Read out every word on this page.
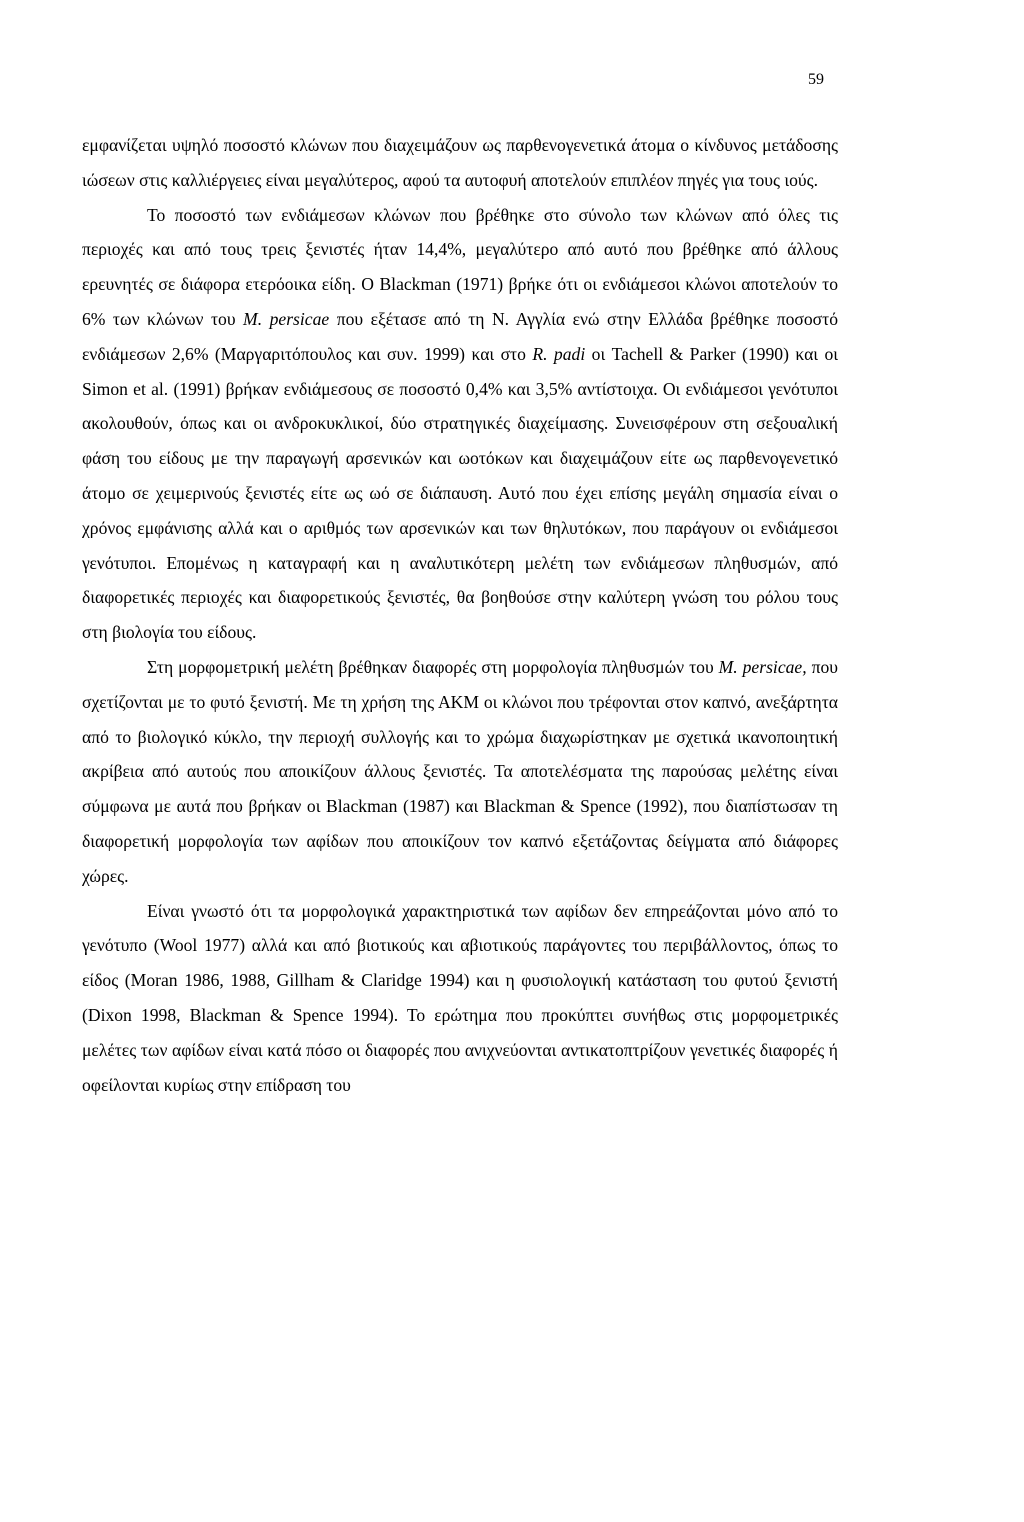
59

εμφανίζεται υψηλό ποσοστό κλώνων που διαχειμάζουν ως παρθενογενετικά άτομα ο κίνδυνος μετάδοσης ιώσεων στις καλλιέργειες είναι μεγαλύτερος, αφού τα αυτοφυή αποτελούν επιπλέον πηγές για τους ιούς.

Το ποσοστό των ενδιάμεσων κλώνων που βρέθηκε στο σύνολο των κλώνων από όλες τις περιοχές και από τους τρεις ξενιστές ήταν 14,4%, μεγαλύτερο από αυτό που βρέθηκε από άλλους ερευνητές σε διάφορα ετερόοικα είδη. Ο Blackman (1971) βρήκε ότι οι ενδιάμεσοι κλώνοι αποτελούν το 6% των κλώνων του M. persicae που εξέτασε από τη Ν. Αγγλία ενώ στην Ελλάδα βρέθηκε ποσοστό ενδιάμεσων 2,6% (Μαργαριτόπουλος και συν. 1999) και στο R. padi οι Tachell & Parker (1990) και οι Simon et al. (1991) βρήκαν ενδιάμεσους σε ποσοστό 0,4% και 3,5% αντίστοιχα. Οι ενδιάμεσοι γενότυποι ακολουθούν, όπως και οι ανδροκυκλικοί, δύο στρατηγικές διαχείμασης. Συνεισφέρουν στη σεξουαλική φάση του είδους με την παραγωγή αρσενικών και ωοτόκων και διαχειμάζουν είτε ως παρθενογενετικό άτομο σε χειμερινούς ξενιστές είτε ως ωό σε διάπαυση. Αυτό που έχει επίσης μεγάλη σημασία είναι ο χρόνος εμφάνισης αλλά και ο αριθμός των αρσενικών και των θηλυτόκων, που παράγουν οι ενδιάμεσοι γενότυποι. Επομένως η καταγραφή και η αναλυτικότερη μελέτη των ενδιάμεσων πληθυσμών, από διαφορετικές περιοχές και διαφορετικούς ξενιστές, θα βοηθούσε στην καλύτερη γνώση του ρόλου τους στη βιολογία του είδους.

Στη μορφομετρική μελέτη βρέθηκαν διαφορές στη μορφολογία πληθυσμών του M. persicae, που σχετίζονται με το φυτό ξενιστή. Με τη χρήση της ΑΚΜ οι κλώνοι που τρέφονται στον καπνό, ανεξάρτητα από το βιολογικό κύκλο, την περιοχή συλλογής και το χρώμα διαχωρίστηκαν με σχετικά ικανοποιητική ακρίβεια από αυτούς που αποικίζουν άλλους ξενιστές. Τα αποτελέσματα της παρούσας μελέτης είναι σύμφωνα με αυτά που βρήκαν οι Blackman (1987) και Blackman & Spence (1992), που διαπίστωσαν τη διαφορετική μορφολογία των αφίδων που αποικίζουν τον καπνό εξετάζοντας δείγματα από διάφορες χώρες.

Είναι γνωστό ότι τα μορφολογικά χαρακτηριστικά των αφίδων δεν επηρεάζονται μόνο από το γενότυπο (Wool 1977) αλλά και από βιοτικούς και αβιοτικούς παράγοντες του περιβάλλοντος, όπως το είδος (Moran 1986, 1988, Gillham & Claridge 1994) και η φυσιολογική κατάσταση του φυτού ξενιστή (Dixon 1998, Blackman & Spence 1994). Το ερώτημα που προκύπτει συνήθως στις μορφομετρικές μελέτες των αφίδων είναι κατά πόσο οι διαφορές που ανιχνεύονται αντικατοπτρίζουν γενετικές διαφορές ή οφείλονται κυρίως στην επίδραση του
